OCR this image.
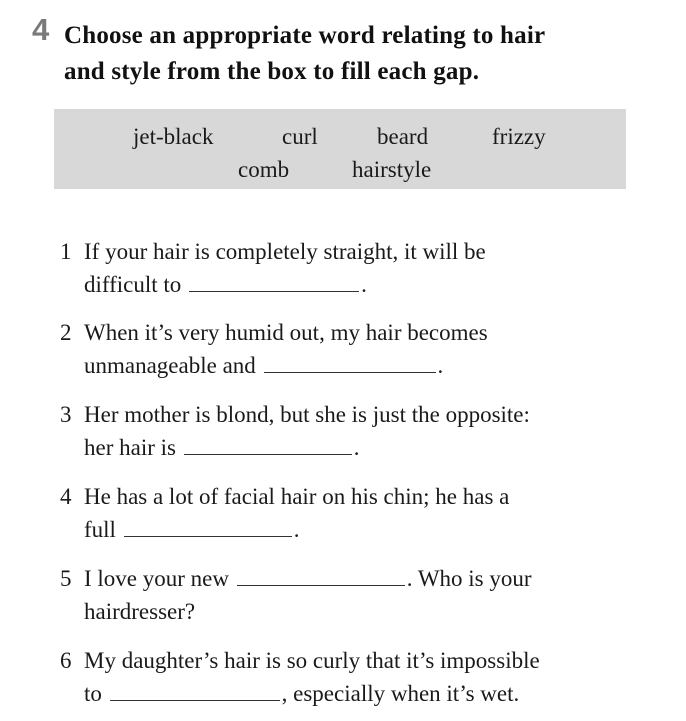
4 Choose an appropriate word relating to hair
and style from the box to fill each gap.
jet-black	curl	beard	frizzy
comb	hairstyle
1 If your hair is completely straight, it will be
difficult to	.
2 When it’s very humid out, my hair becomes
unmanageable and	.
3 Her mother is blond, but she is just the opposite:
her hair is	.
4 He has a lot of facial hair on his chin; he has a
full	.
5 I love your new	. Who is your
hairdresser?
6 My daughter’s hair is so curly that it’s impossible
to	, especially when it’s wet.
